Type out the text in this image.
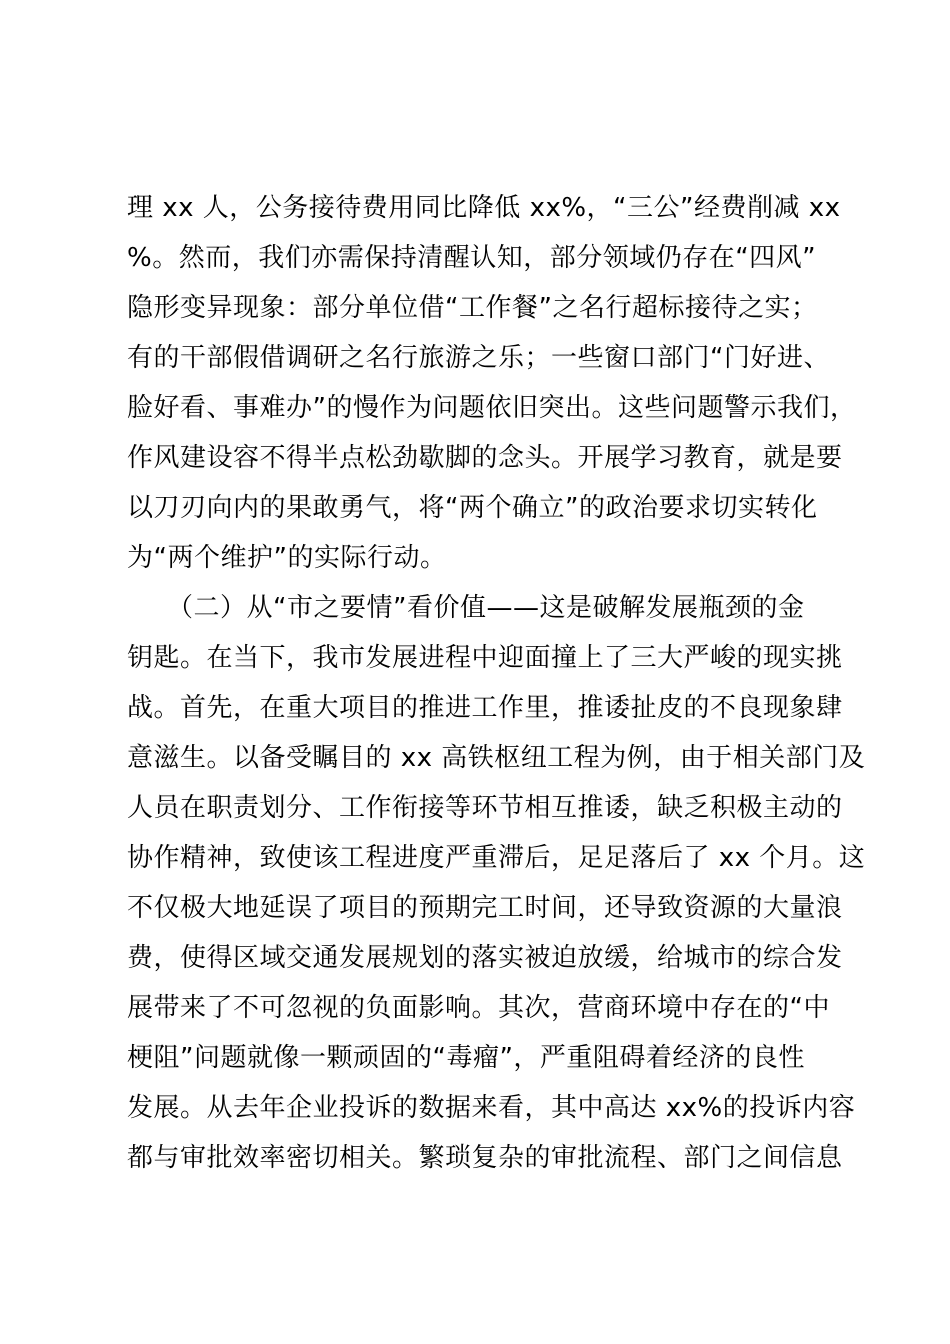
理 xx 人，公务接待费用同比降低 xx%，“三公”经费削减 xx
%。然而，我们亦需保持清醒认知，部分领域仍存在“四风”
隐形变异现象：部分单位借“工作餐”之名行超标接待之实；
有的干部假借调研之名行旅游之乐；一些窗口部门“门好进、
脸好看、事难办”的慢作为问题依旧突出。这些问题警示我们，
作风建设容不得半点松劲歇脚的念头。开展学习教育，就是要
以刀刃向内的果敢勇气，将“两个确立”的政治要求切实转化
为“两个维护”的实际行动。
　　（二）从“市之要情”看价值——这是破解发展瓶颈的金
钥匙。在当下，我市发展进程中迎面撞上了三大严峻的现实挑
战。首先，在重大项目的推进工作里，推诿扯皮的不良现象肆
意滋生。以备受瞩目的 xx 高铁枢纽工程为例，由于相关部门及
人员在职责划分、工作衔接等环节相互推诿，缺乏积极主动的
协作精神，致使该工程进度严重滞后，足足落后了 xx 个月。这
不仅极大地延误了项目的预期完工时间，还导致资源的大量浪
费，使得区域交通发展规划的落实被迫放缓，给城市的综合发
展带来了不可忽视的负面影响。其次，营商环境中存在的“中
梗阻”问题就像一颗顽固的“毒瘤”，严重阻碍着经济的良性
发展。从去年企业投诉的数据来看，其中高达 xx%的投诉内容
都与审批效率密切相关。繁琐复杂的审批流程、部门之间信息
